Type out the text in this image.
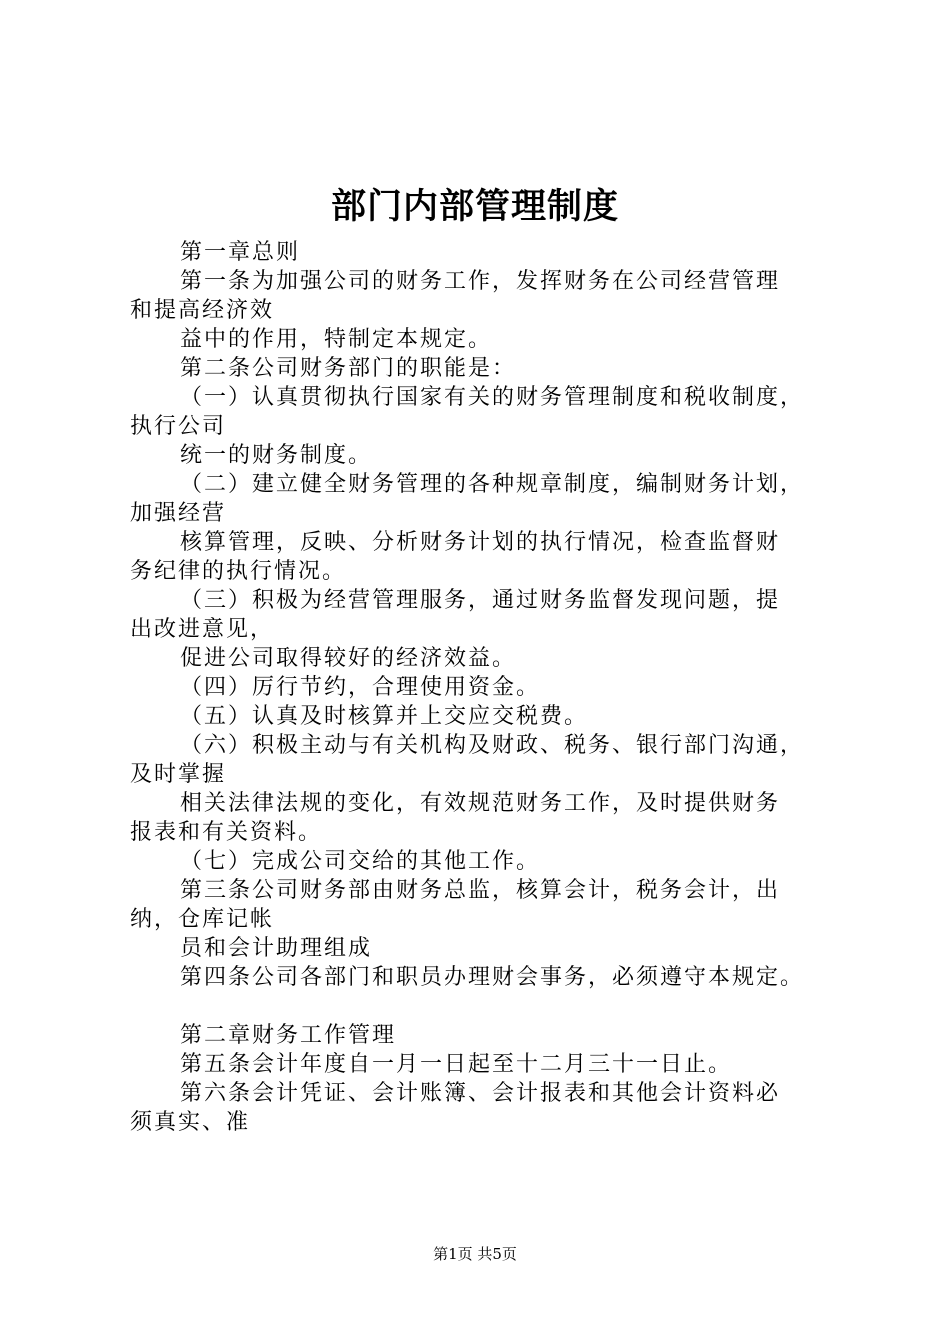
部门内部管理制度
第一章总则
第一条为加强公司的财务工作，发挥财务在公司经营管理
和提高经济效
益中的作用，特制定本规定。
第二条公司财务部门的职能是：
（一）认真贯彻执行国家有关的财务管理制度和税收制度，
执行公司
统一的财务制度。
（二）建立健全财务管理的各种规章制度，编制财务计划，
加强经营
核算管理，反映、分析财务计划的执行情况，检查监督财
务纪律的执行情况。
（三）积极为经营管理服务，通过财务监督发现问题，提
出改进意见，
促进公司取得较好的经济效益。
（四）厉行节约，合理使用资金。
（五）认真及时核算并上交应交税费。
（六）积极主动与有关机构及财政、税务、银行部门沟通，
及时掌握
相关法律法规的变化，有效规范财务工作，及时提供财务
报表和有关资料。
（七）完成公司交给的其他工作。
第三条公司财务部由财务总监，核算会计，税务会计，出
纳，仓库记帐
员和会计助理组成
第四条公司各部门和职员办理财会事务，必须遵守本规定。
第二章财务工作管理
第五条会计年度自一月一日起至十二月三十一日止。
第六条会计凭证、会计账簿、会计报表和其他会计资料必
须真实、准
第1页 共5页
